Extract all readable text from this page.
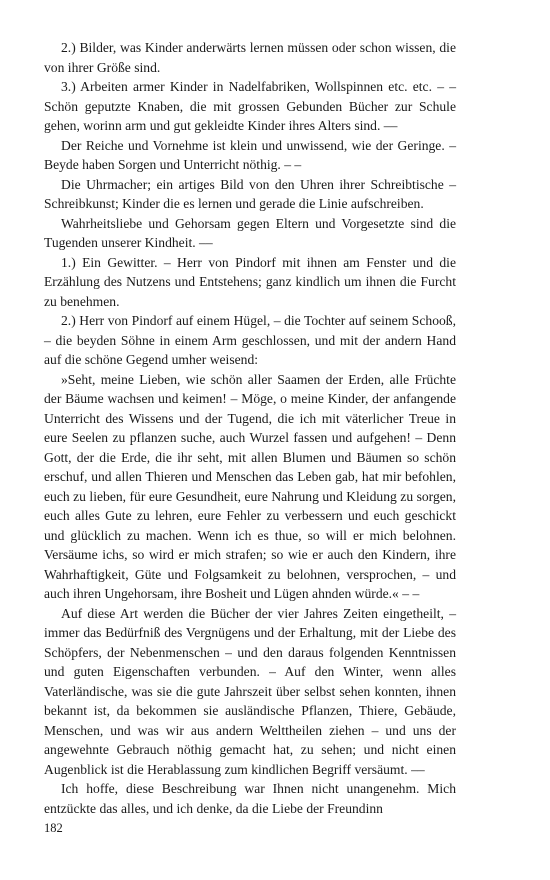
2.) Bilder, was Kinder anderwärts lernen müssen oder schon wissen, die von ihrer Größe sind.

3.) Arbeiten armer Kinder in Nadelfabriken, Wollspinnen etc. etc. – – Schön geputzte Knaben, die mit grossen Gebunden Bücher zur Schule gehen, worinn arm und gut gekleidte Kinder ihres Alters sind. ––

Der Reiche und Vornehme ist klein und unwissend, wie der Geringe. – Beyde haben Sorgen und Unterricht nöthig. – –

Die Uhrmacher; ein artiges Bild von den Uhren ihrer Schreibtische – Schreibkunst; Kinder die es lernen und gerade die Linie aufschreiben.

Wahrheitsliebe und Gehorsam gegen Eltern und Vorgesetzte sind die Tugenden unserer Kindheit. ––

1.) Ein Gewitter. – Herr von Pindorf mit ihnen am Fenster und die Erzählung des Nutzens und Entstehens; ganz kindlich um ihnen die Furcht zu benehmen.

2.) Herr von Pindorf auf einem Hügel, – die Tochter auf seinem Schooß, – die beyden Söhne in einem Arm geschlossen, und mit der andern Hand auf die schöne Gegend umher weisend:

»Seht, meine Lieben, wie schön aller Saamen der Erden, alle Früchte der Bäume wachsen und keimen! – Möge, o meine Kinder, der anfangende Unterricht des Wissens und der Tugend, die ich mit väterlicher Treue in eure Seelen zu pflanzen suche, auch Wurzel fassen und aufgehen! – Denn Gott, der die Erde, die ihr seht, mit allen Blumen und Bäumen so schön erschuf, und allen Thieren und Menschen das Leben gab, hat mir befohlen, euch zu lieben, für eure Gesundheit, eure Nahrung und Kleidung zu sorgen, euch alles Gute zu lehren, eure Fehler zu verbessern und euch geschickt und glücklich zu machen. Wenn ich es thue, so will er mich belohnen. Versäume ichs, so wird er mich strafen; so wie er auch den Kindern, ihre Wahrhaftigkeit, Güte und Folgsamkeit zu belohnen, versprochen, – und auch ihren Ungehorsam, ihre Bosheit und Lügen ahnden würde.« – –

Auf diese Art werden die Bücher der vier Jahres Zeiten eingetheilt, – immer das Bedürfniß des Vergnügens und der Erhaltung, mit der Liebe des Schöpfers, der Nebenmenschen – und den daraus folgenden Kenntnissen und guten Eigenschaften verbunden. – Auf den Winter, wenn alles Vaterländische, was sie die gute Jahrszeit über selbst sehen konnten, ihnen bekannt ist, da bekommen sie ausländische Pflanzen, Thiere, Gebäude, Menschen, und was wir aus andern Welttheilen ziehen – und uns der angewehnte Gebrauch nöthig gemacht hat, zu sehen; und nicht einen Augenblick ist die Herablassung zum kindlichen Begriff versäumt. ––

Ich hoffe, diese Beschreibung war Ihnen nicht unangenehm. Mich entzückte das alles, und ich denke, da die Liebe der Freundinn

182
